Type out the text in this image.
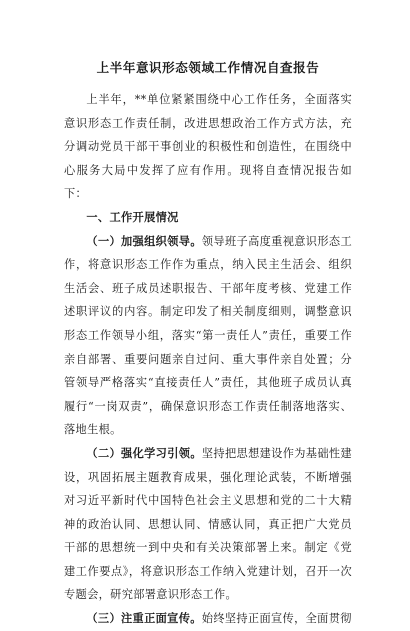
上半年意识形态领域工作情况自查报告

上半年，**单位紧紧围绕中心工作任务，全面落实意识形态工作责任制，改进思想政治工作方式方法，充分调动党员干部干事创业的积极性和创造性，在围绕中心服务大局中发挥了应有作用。现将自查情况报告如下：

一、工作开展情况

（一）加强组织领导。领导班子高度重视意识形态工作，将意识形态工作作为重点，纳入民主生活会、组织生活会、班子成员述职报告、干部年度考核、党建工作述职评议的内容。制定印发了相关制度细则，调整意识形态工作领导小组，落实“第一责任人”责任，重要工作亲自部署、重要问题亲自过问、重大事件亲自处置；分管领导严格落实“直接责任人”责任，其他班子成员认真履行“一岗双责”，确保意识形态工作责任制落地落实、落地生根。

（二）强化学习引领。坚持把思想建设作为基础性建设，巩固拓展主题教育成果，强化理论武装，不断增强对习近平新时代中国特色社会主义思想和党的二十大精神的政治认同、思想认同、情感认同，真正把广大党员干部的思想统一到中央和有关决策部署上来。制定《党建工作要点》，将意识形态工作纳入党建计划，召开一次专题会，研究部署意识形态工作。

（三）注重正面宣传。始终坚持正面宣传，全面贯彻
